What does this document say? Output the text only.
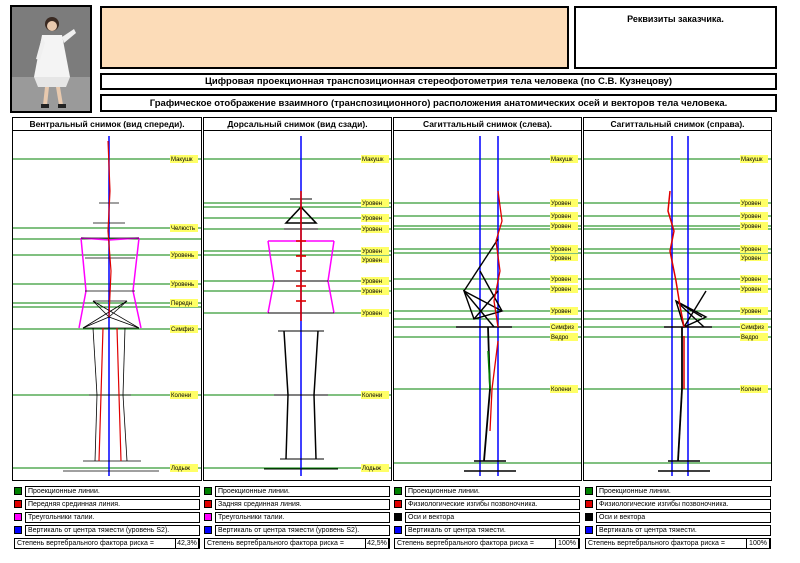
Реквизиты заказчика.
Цифровая проекционная транспозиционная стереофотометрия тела человека (по С.В. Кузнецову)
Графическое отображение взаимного (транспозиционного) расположения анатомических осей и векторов тела человека.
Вентральный снимок (вид спереди).
Макушк
Челюсть
Уровень
Уровень
Передн
Симфиз
Колени
Лодыж
Дорсальный снимок (вид сзади).
Макушк
Уровен
Уровен
Уровен
Уровен
Уровен
Уровен
Уровен
Уровен
Колени
Лодыж
Сагиттальный снимок (слева).
Макушк
Уровен
Уровен
Уровен
Уровен
Уровен
Уровен
Уровен
Уровен
Симфиз
Ведро
Колени
Сагиттальный снимок (справа).
Макушк
Уровен
Уровен
Уровен
Уровен
Уровен
Уровен
Уровен
Уровен
Симфиз
Ведро
Колени
Проекционные линии.
Передняя срединная линия.
Треугольники талии.
Вертикаль от центра тяжести (уровень S2).
Степень вертебрального фактора риска =	42,3%
Проекционные линии.
Задняя срединная линия.
Треугольники талии.
Вертикаль от центра тяжести (уровень S2).
Степень вертебрального фактора риска =	42,5%
Проекционные линии.
Физиологические изгибы позвоночника.
Оси и вектора
Вертикаль от центра тяжести.
Степень вертебрального фактора риска =	100%
Проекционные линии.
Физиологические изгибы позвоночника.
Оси и вектора
Вертикаль от центра тяжести.
Степень вертебрального фактора риска =	100%
